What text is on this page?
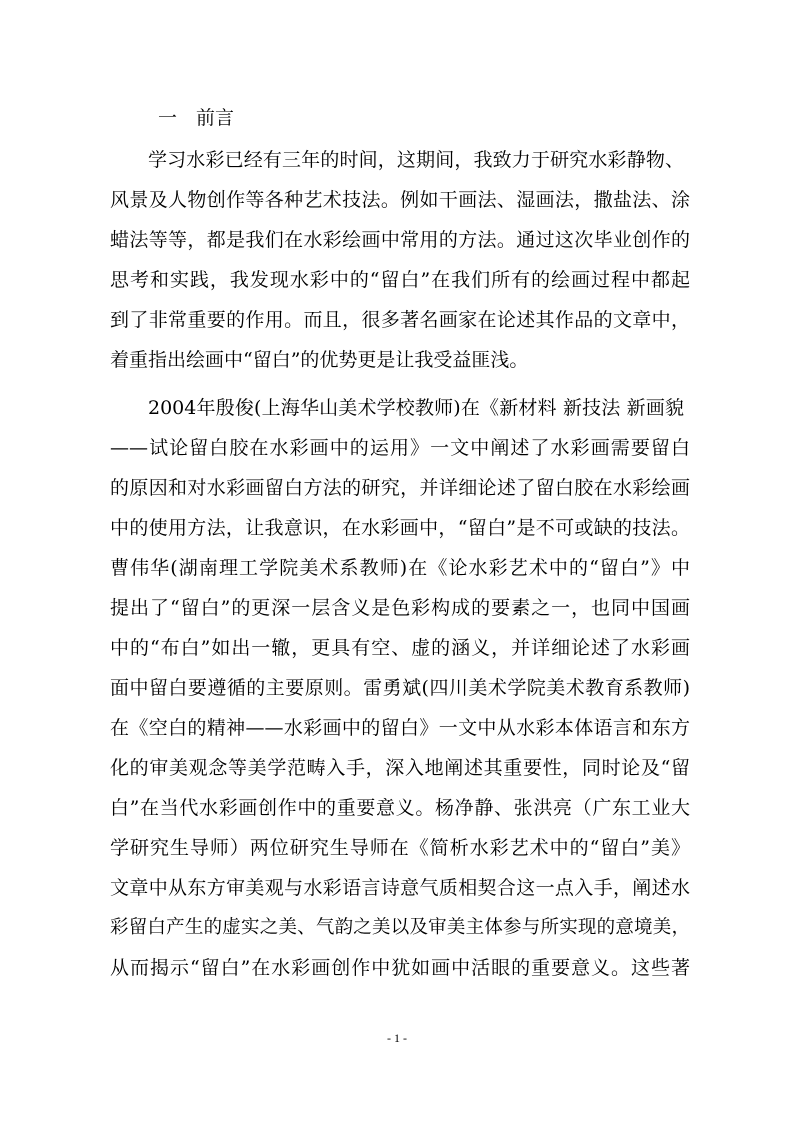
一 前言
学习水彩已经有三年的时间，这期间，我致力于研究水彩静物、
风景及人物创作等各种艺术技法。例如干画法、湿画法，撒盐法、涂
蜡法等等，都是我们在水彩绘画中常用的方法。通过这次毕业创作的
思考和实践，我发现水彩中的“留白”在我们所有的绘画过程中都起
到了非常重要的作用。而且，很多著名画家在论述其作品的文章中，
着重指出绘画中“留白”的优势更是让我受益匪浅。
2004年殷俊(上海华山美术学校教师)在《新材料 新技法 新画貌
——试论留白胶在水彩画中的运用》一文中阐述了水彩画需要留白
的原因和对水彩画留白方法的研究，并详细论述了留白胶在水彩绘画
中的使用方法，让我意识，在水彩画中，“留白”是不可或缺的技法。
曹伟华(湖南理工学院美术系教师)在《论水彩艺术中的“留白”》中
提出了“留白”的更深一层含义是色彩构成的要素之一，也同中国画
中的“布白”如出一辙，更具有空、虚的涵义，并详细论述了水彩画
面中留白要遵循的主要原则。雷勇斌(四川美术学院美术教育系教师)
在《空白的精神——水彩画中的留白》一文中从水彩本体语言和东方
化的审美观念等美学范畴入手，深入地阐述其重要性，同时论及“留
白”在当代水彩画创作中的重要意义。杨净静、张洪亮（广东工业大
学研究生导师）两位研究生导师在《简析水彩艺术中的“留白”美》
文章中从东方审美观与水彩语言诗意气质相契合这一点入手，阐述水
彩留白产生的虚实之美、气韵之美以及审美主体参与所实现的意境美，
从而揭示“留白”在水彩画创作中犹如画中活眼的重要意义。这些著
- 1 -
